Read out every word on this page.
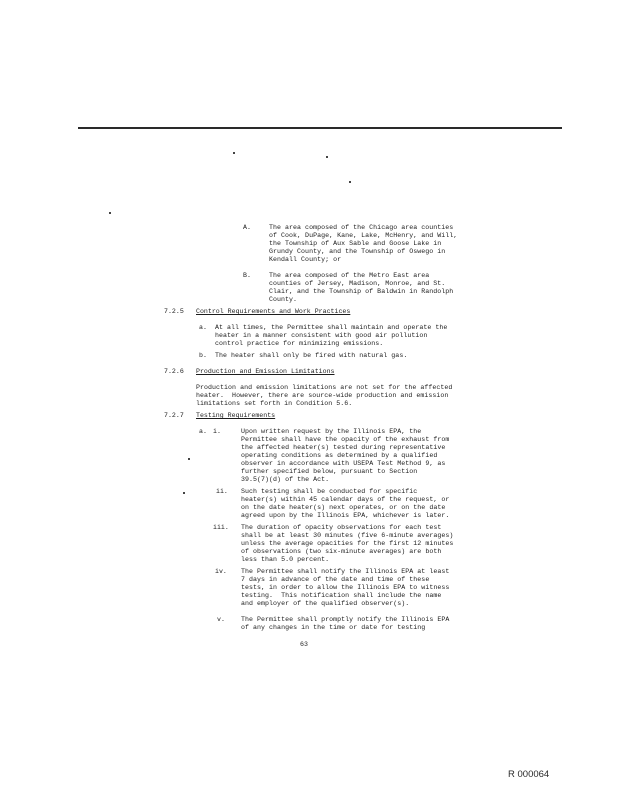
A.	The area composed of the Chicago area counties
of Cook, DuPage, Kane, Lake, McHenry, and Will,
the Township of Aux Sable and Goose Lake in
Grundy County, and the Township of Oswego in
Kendall County; or
B.	The area composed of the Metro East area
counties of Jersey, Madison, Monroe, and St.
Clair, and the Township of Baldwin in Randolph
County.
7.2.5 Control Requirements and Work Practices
a. At all times, the Permittee shall maintain and operate the
heater in a manner consistent with good air pollution
control practice for minimizing emissions.
b. The heater shall only be fired with natural gas.
7.2.6 Production and Emission Limitations
Production and emission limitations are not set for the affected
heater.  However, there are source-wide production and emission
limitations set forth in Condition 5.6.
7.2.7 Testing Requirements
a. i.	Upon written request by the Illinois EPA, the
Permittee shall have the opacity of the exhaust from
the affected heater(s) tested during representative
operating conditions as determined by a qualified
observer in accordance with USEPA Test Method 9, as
further specified below, pursuant to Section
39.5(7)(d) of the Act.
ii. Such testing shall be conducted for specific
heater(s) within 45 calendar days of the request, or
on the date heater(s) next operates, or on the date
agreed upon by the Illinois EPA, whichever is later.
iii. The duration of opacity observations for each test
shall be at least 30 minutes (five 6-minute averages)
unless the average opacities for the first 12 minutes
of observations (two six-minute averages) are both
less than 5.0 percent.
iv. The Permittee shall notify the Illinois EPA at least
7 days in advance of the date and time of these
tests, in order to allow the Illinois EPA to witness
testing.  This notification shall include the name
and employer of the qualified observer(s).
v. The Permittee shall promptly notify the Illinois EPA
of any changes in the time or date for testing
63
R 000064
